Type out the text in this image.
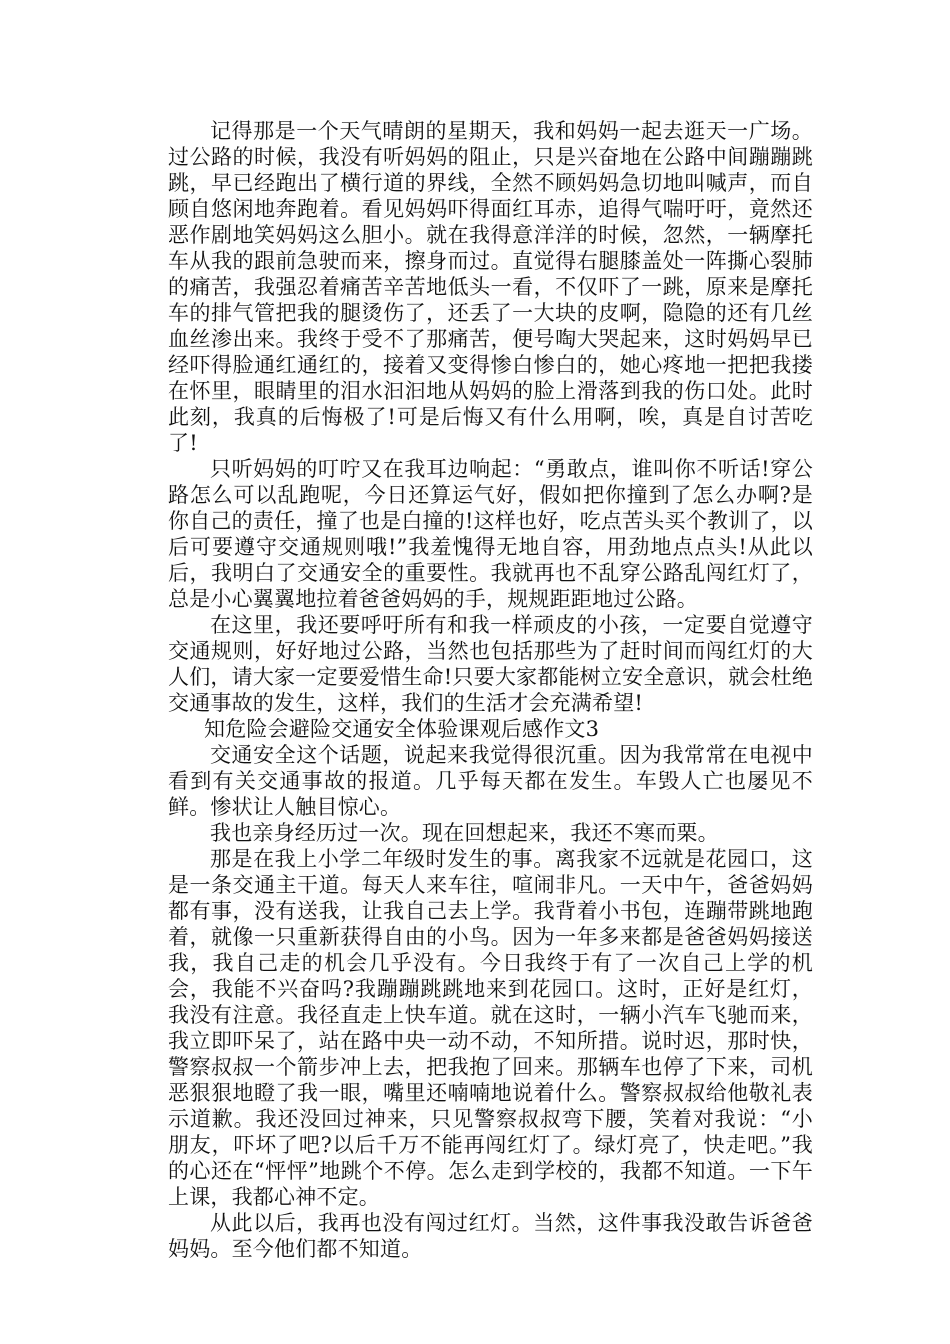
记得那是一个天气晴朗的星期天，我和妈妈一起去逛天一广场。过公路的时候，我没有听妈妈的阻止，只是兴奋地在公路中间蹦蹦跳跳，早已经跑出了横行道的界线，全然不顾妈妈急切地叫喊声，而自顾自悠闲地奔跑着。看见妈妈吓得面红耳赤，追得气喘吁吁，竟然还恶作剧地笑妈妈这么胆小。就在我得意洋洋的时候，忽然，一辆摩托车从我的跟前急驶而来，擦身而过。直觉得右腿膝盖处一阵撕心裂肺的痛苦，我强忍着痛苦辛苦地低头一看，不仅吓了一跳，原来是摩托车的排气管把我的腿烫伤了，还丢了一大块的皮啊，隐隐的还有几丝血丝渗出来。我终于受不了那痛苦，便号啕大哭起来，这时妈妈早已经吓得脸通红通红的，接着又变得惨白惨白的，她心疼地一把把我搂在怀里，眼睛里的泪水汩汩地从妈妈的脸上滑落到我的伤口处。此时此刻，我真的后悔极了!可是后悔又有什么用啊，唉，真是自讨苦吃了!

只听妈妈的叮咛又在我耳边响起：“勇敢点，谁叫你不听话!穿公路怎么可以乱跑呢，今日还算运气好，假如把你撞到了怎么办啊?是你自己的责任，撞了也是白撞的!这样也好，吃点苦头买个教训了，以后可要遵守交通规则哦!”我羞愧得无地自容，用劲地点点头!从此以后，我明白了交通安全的重要性。我就再也不乱穿公路乱闯红灯了，总是小心翼翼地拉着爸爸妈妈的手，规规距距地过公路。

在这里，我还要呼吁所有和我一样顽皮的小孩，一定要自觉遵守交通规则，好好地过公路，当然也包括那些为了赶时间而闯红灯的大人们，请大家一定要爱惜生命!只要大家都能树立安全意识，就会杜绝交通事故的发生，这样，我们的生活才会充满希望!

知危险会避险交通安全体验课观后感作文3

交通安全这个话题，说起来我觉得很沉重。因为我常常在电视中看到有关交通事故的报道。几乎每天都在发生。车毁人亡也屡见不鲜。惨状让人触目惊心。

我也亲身经历过一次。现在回想起来，我还不寒而栗。

那是在我上小学二年级时发生的事。离我家不远就是花园口，这是一条交通主干道。每天人来车往，喧闹非凡。一天中午，爸爸妈妈都有事，没有送我，让我自己去上学。我背着小书包，连蹦带跳地跑着，就像一只重新获得自由的小鸟。因为一年多来都是爸爸妈妈接送我，我自己走的机会几乎没有。今日我终于有了一次自己上学的机会，我能不兴奋吗?我蹦蹦跳跳地来到花园口。这时，正好是红灯，我没有注意。我径直走上快车道。就在这时，一辆小汽车飞驰而来，我立即吓呆了，站在路中央一动不动，不知所措。说时迟，那时快，警察叔叔一个箭步冲上去，把我抱了回来。那辆车也停了下来，司机恶狠狠地瞪了我一眼，嘴里还喃喃地说着什么。警察叔叔给他敬礼表示道歉。我还没回过神来，只见警察叔叔弯下腰，笑着对我说：“小朋友，吓坏了吧?以后千万不能再闯红灯了。绿灯亮了，快走吧。”我的心还在“怦怦”地跳个不停。怎么走到学校的，我都不知道。一下午上课，我都心神不定。

从此以后，我再也没有闯过红灯。当然，这件事我没敢告诉爸爸妈妈。至今他们都不知道。
